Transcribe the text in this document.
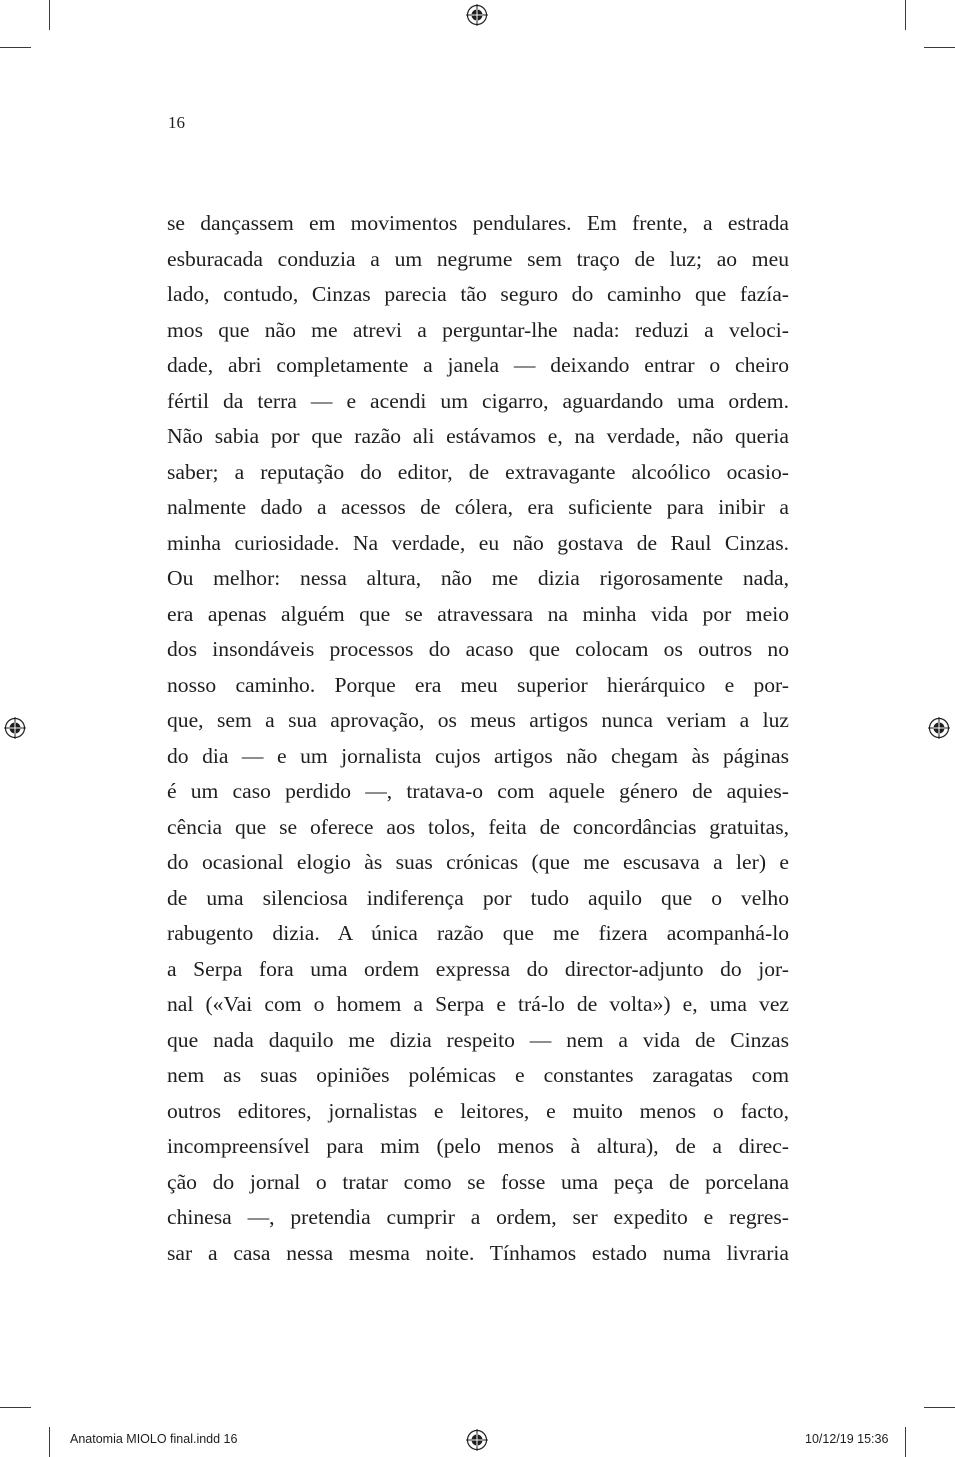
16
se dançassem em movimentos pendulares. Em frente, a estrada
esburacada conduzia a um negrume sem traço de luz; ao meu
lado, contudo, Cinzas parecia tão seguro do caminho que fazía-
mos que não me atrevi a perguntar-lhe nada: reduzi a veloci-
dade, abri completamente a janela — deixando entrar o cheiro
fértil da terra — e acendi um cigarro, aguardando uma ordem.
Não sabia por que razão ali estávamos e, na verdade, não queria
saber; a reputação do editor, de extravagante alcoólico ocasio-
nalmente dado a acessos de cólera, era suficiente para inibir a
minha curiosidade. Na verdade, eu não gostava de Raul Cinzas.
Ou melhor: nessa altura, não me dizia rigorosamente nada,
era apenas alguém que se atravessara na minha vida por meio
dos insondáveis processos do acaso que colocam os outros no
nosso caminho. Porque era meu superior hierárquico e por-
que, sem a sua aprovação, os meus artigos nunca veriam a luz
do dia — e um jornalista cujos artigos não chegam às páginas
é um caso perdido —, tratava-o com aquele género de aquies-
cência que se oferece aos tolos, feita de concordâncias gratuitas,
do ocasional elogio às suas crónicas (que me escusava a ler) e
de uma silenciosa indiferença por tudo aquilo que o velho
rabugento dizia. A única razão que me fizera acompanhá-lo
a Serpa fora uma ordem expressa do director-adjunto do jor-
nal («Vai com o homem a Serpa e trá-lo de volta») e, uma vez
que nada daquilo me dizia respeito — nem a vida de Cinzas
nem as suas opiniões polémicas e constantes zaragatas com
outros editores, jornalistas e leitores, e muito menos o facto,
incompreensível para mim (pelo menos à altura), de a direc-
ção do jornal o tratar como se fosse uma peça de porcelana
chinesa —, pretendia cumprir a ordem, ser expedito e regres-
sar a casa nessa mesma noite. Tínhamos estado numa livraria
Anatomia MIOLO final.indd 16	10/12/19 15:36
